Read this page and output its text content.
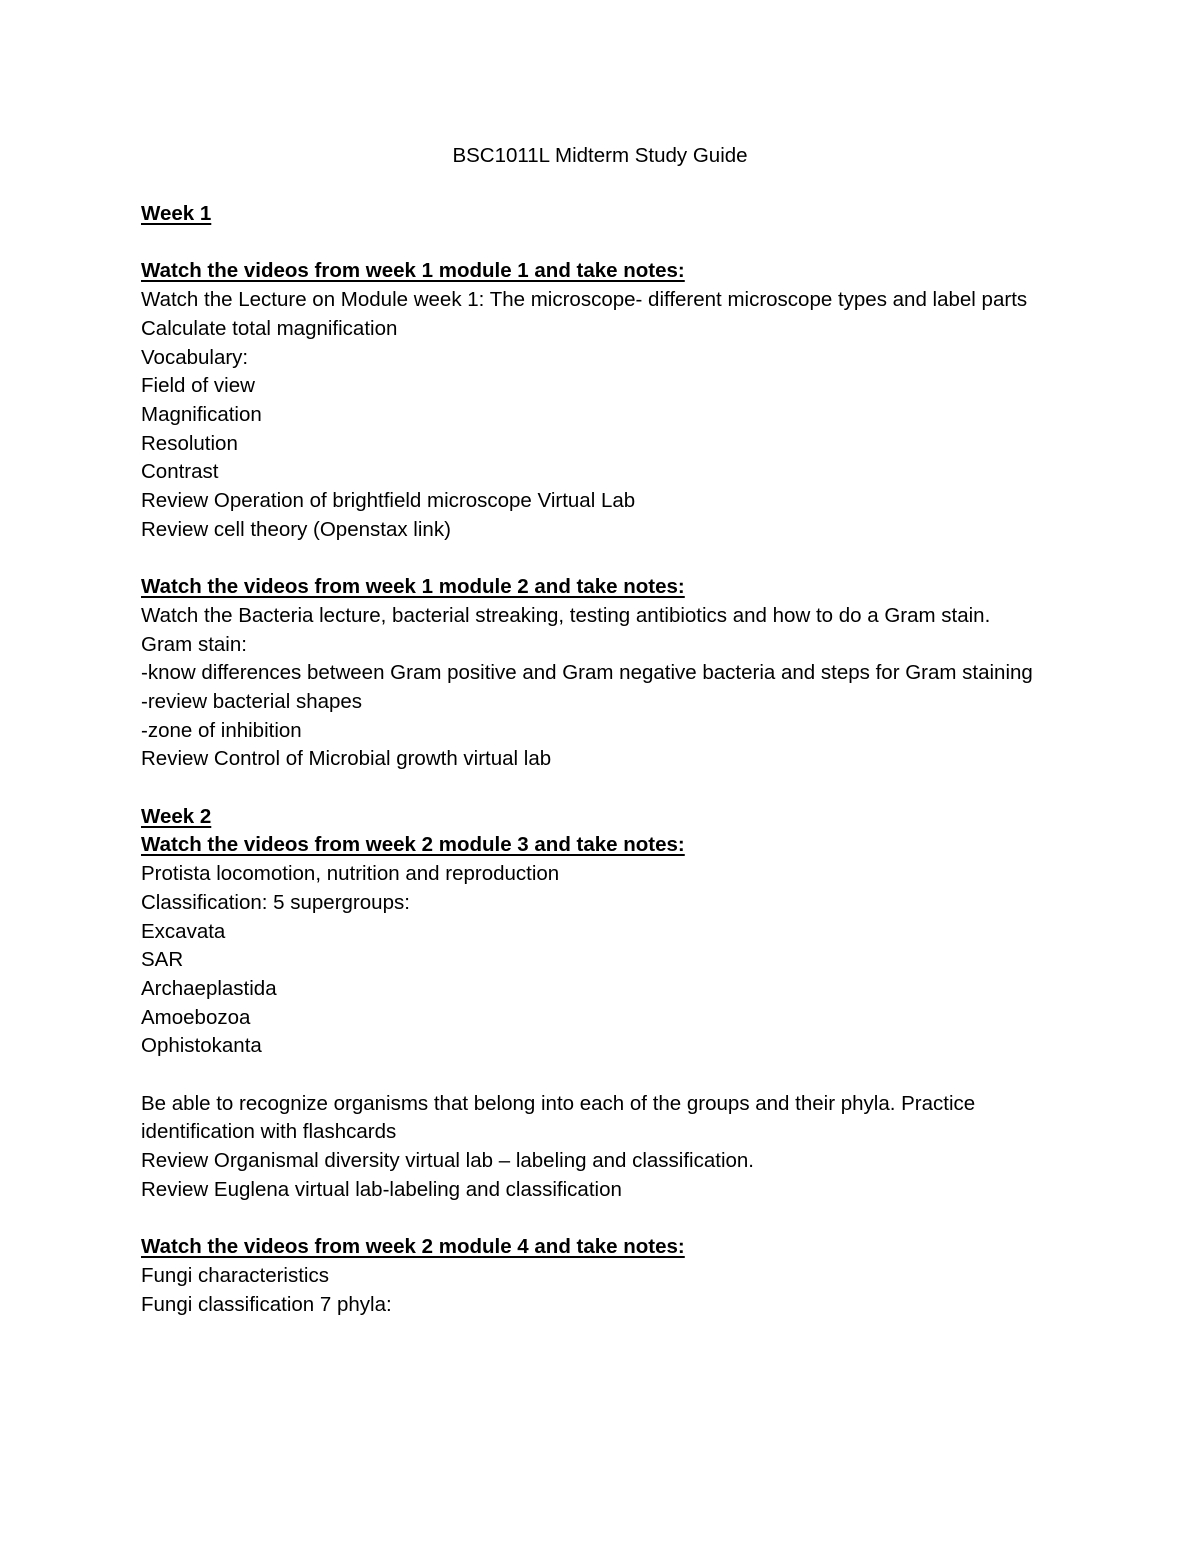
BSC1011L Midterm Study Guide
Week 1
Watch the videos from week 1 module 1 and take notes:
Watch the Lecture on Module week 1: The microscope- different microscope types and label parts
Calculate total magnification
Vocabulary:
Field of view
Magnification
Resolution
Contrast
Review Operation of brightfield microscope Virtual Lab
Review cell theory (Openstax link)
Watch the videos from week 1 module 2 and take notes:
Watch the Bacteria lecture, bacterial streaking, testing antibiotics and how to do a Gram stain.
Gram stain:
-know differences between Gram positive and Gram negative bacteria and steps for Gram staining
-review bacterial shapes
-zone of inhibition
Review Control of Microbial growth virtual lab
Week 2
Watch the videos from week 2 module 3 and take notes:
Protista locomotion, nutrition and reproduction
Classification: 5 supergroups:
Excavata
SAR
Archaeplastida
Amoebozoa
Ophistokanta
Be able to recognize organisms that belong into each of the groups and their phyla. Practice identification with flashcards
Review Organismal diversity virtual lab – labeling and classification.
Review Euglena virtual lab-labeling and classification
Watch the videos from week 2 module 4 and take notes:
Fungi characteristics
Fungi classification 7 phyla:
